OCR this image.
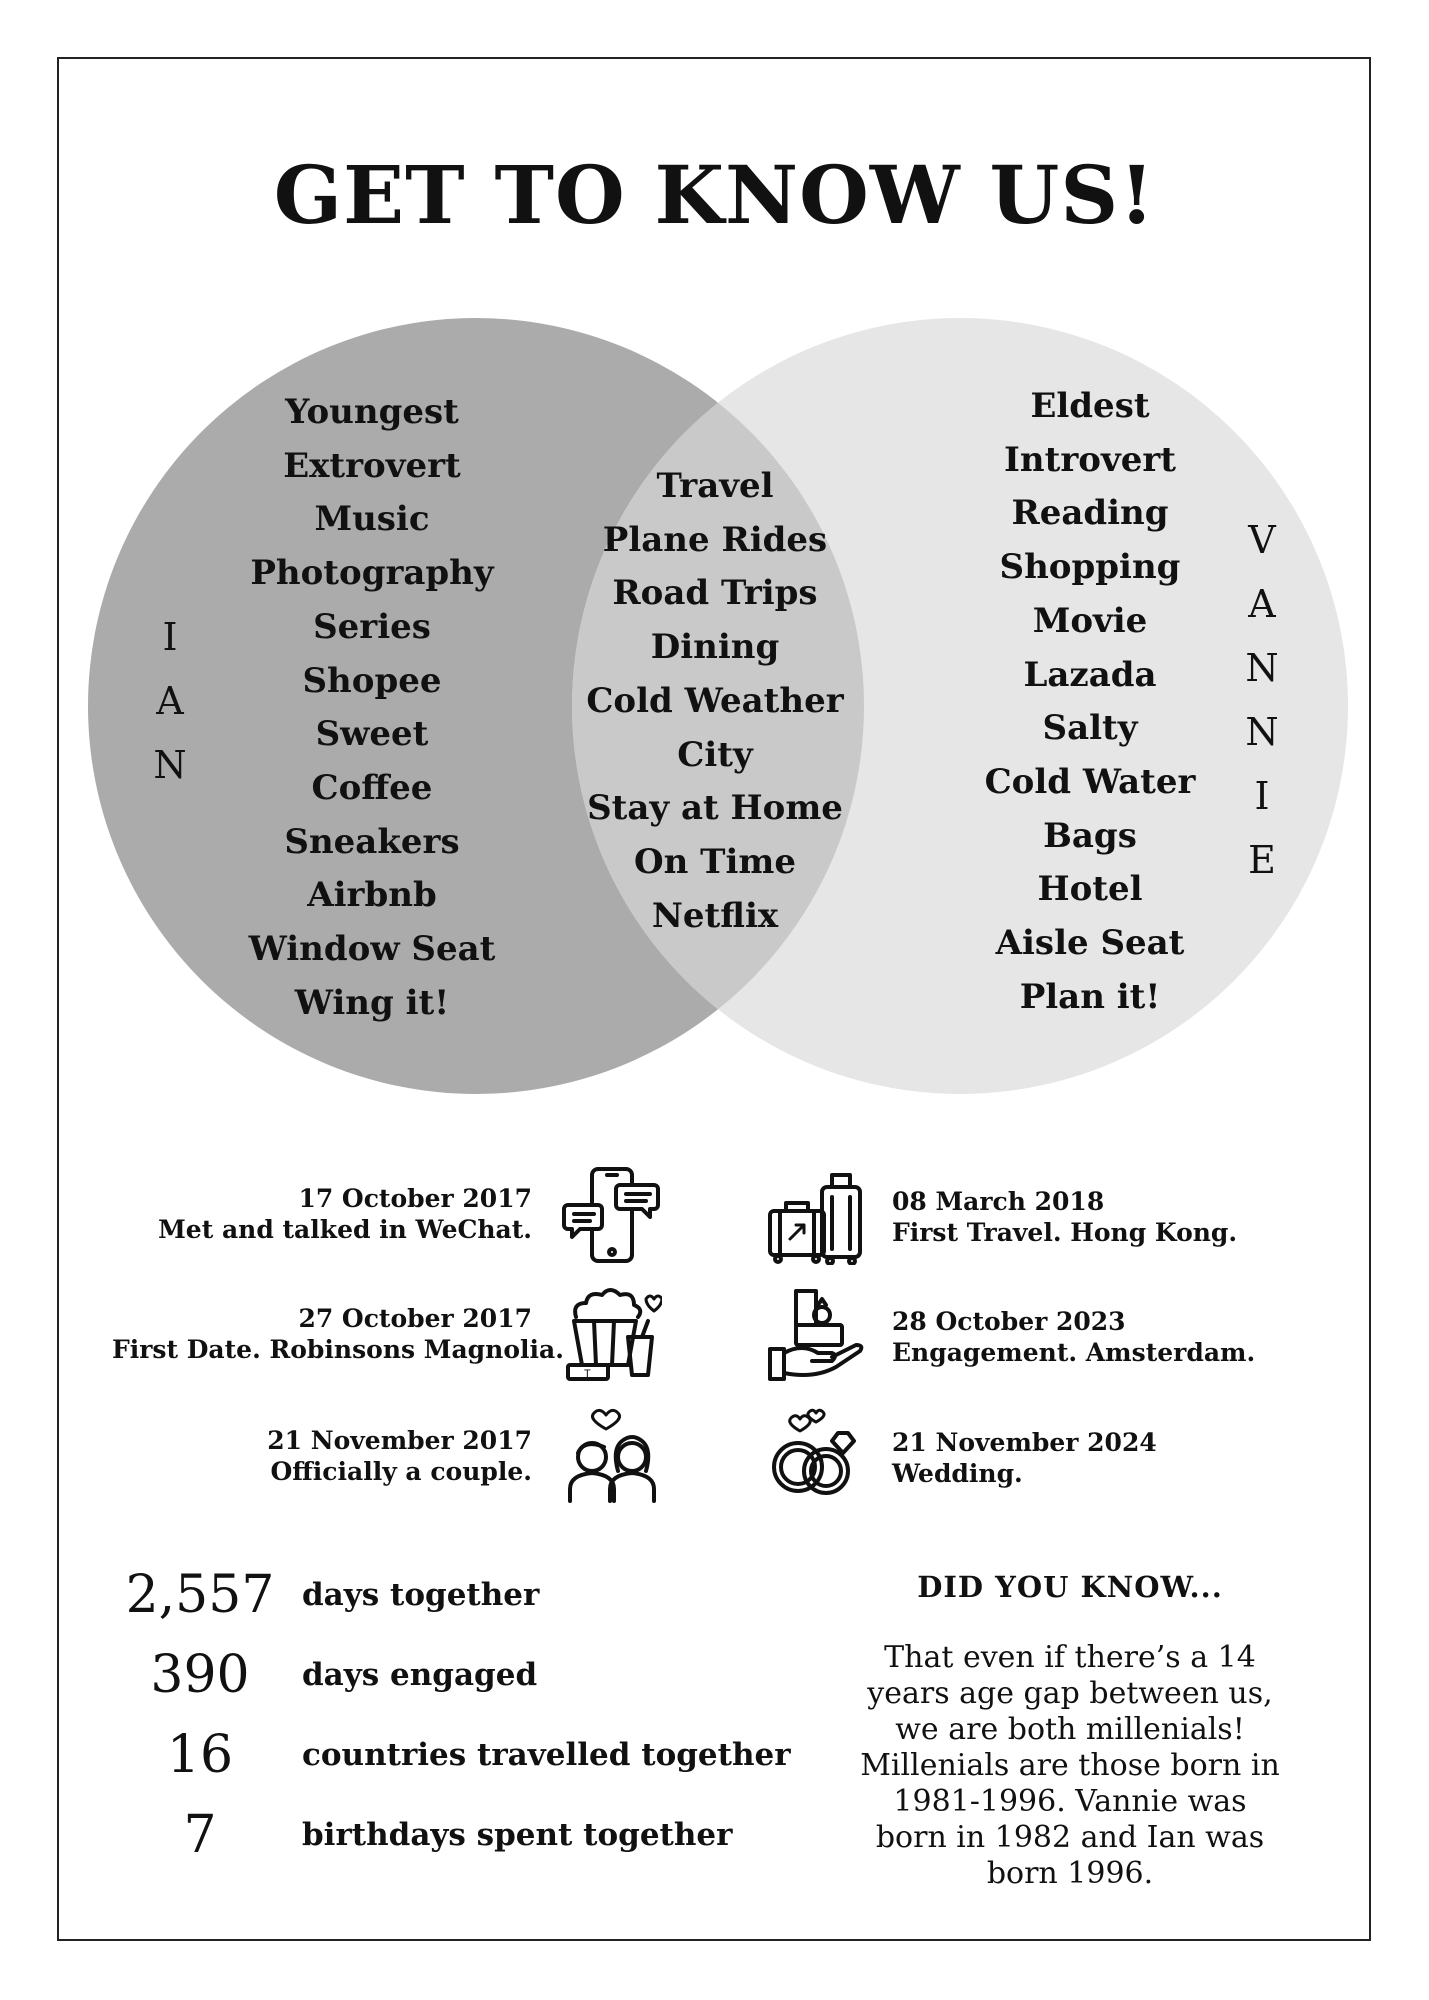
GET TO KNOW US!
I
A
N
V
A
N
N
I
E
Youngest
Extrovert
Music
Photography
Series
Shopee
Sweet
Coffee
Sneakers
Airbnb
Window Seat
Wing it!
Travel
Plane Rides
Road Trips
Dining
Cold Weather
City
Stay at Home
On Time
Netflix
Eldest
Introvert
Reading
Shopping
Movie
Lazada
Salty
Cold Water
Bags
Hotel
Aisle Seat
Plan it!
17 October 2017
Met and talked in WeChat.
27 October 2017
First Date. Robinsons Magnolia.
21 November 2017
Officially a couple.
T
08 March 2018
First Travel. Hong Kong.
28 October 2023
Engagement. Amsterdam.
21 November 2024
Wedding.
2,557 days together
390	days engaged
16	countries travelled together
7	birthdays spent together
DID YOU KNOW...
That even if there’s a 14 years age gap between us, we are both millenials! Millenials are those born in 1981-1996. Vannie was born in 1982 and Ian was born 1996.
